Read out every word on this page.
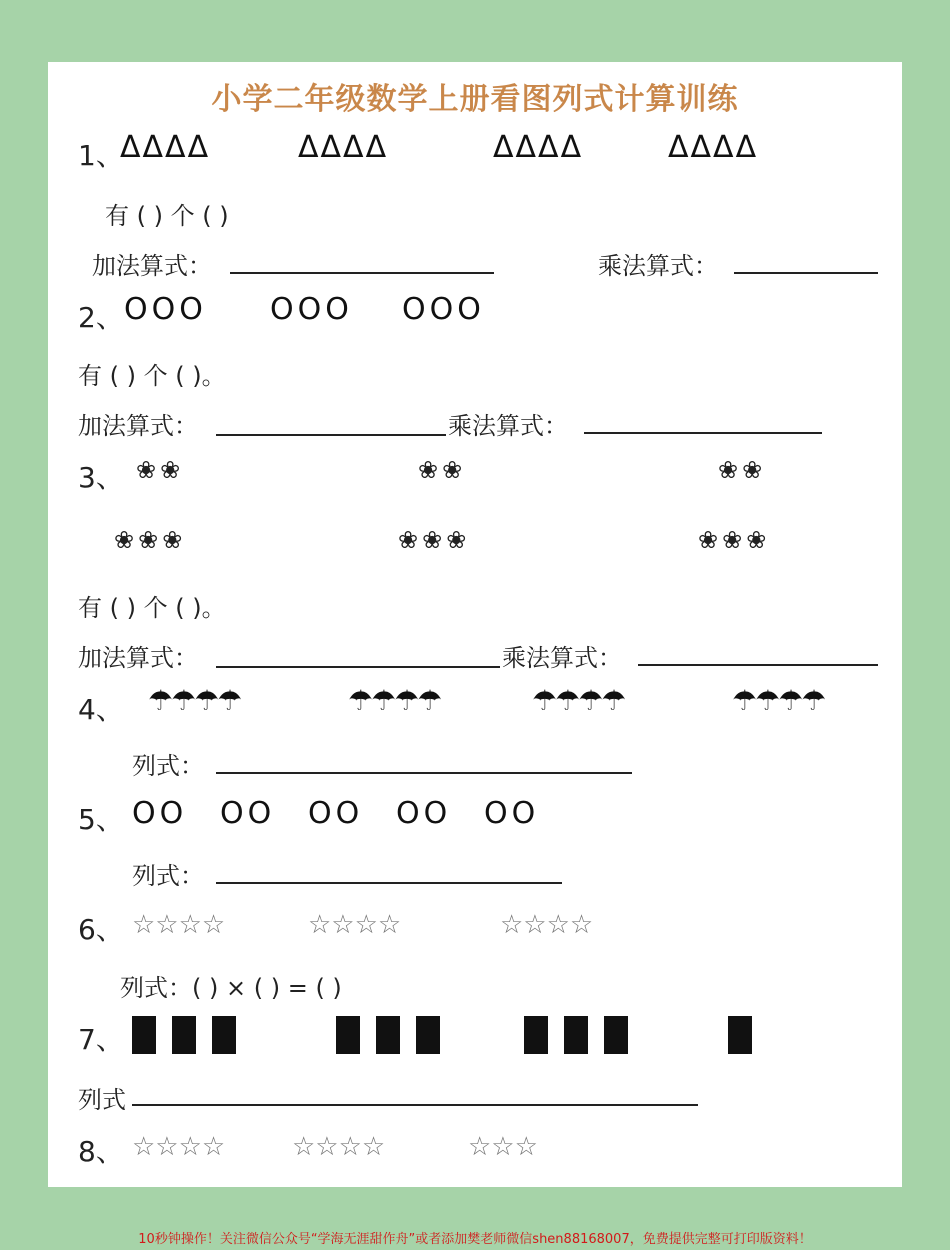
小学二年级数学上册看图列式计算训练
1、
ΔΔΔΔ	ΔΔΔΔ	ΔΔΔΔ	ΔΔΔΔ
有 ( ) 个 ( )
加法算式：	乘法算式：
2、 OOO OOO OOO
有 ( ) 个 ( )。
加法算式：	乘法算式：
3、 ❀❀	❀❀	❀❀
❀❀❀	❀❀❀	❀❀❀
有 ( ) 个 ( )。
加法算式：	乘法算式：
4、 ☂☂☂☂	☂☂☂☂	☂☂☂☂	☂☂☂☂
列式：
5、 OO OO OO OO OO
列式：
6、 ☆☆☆☆	☆☆☆☆	☆☆☆☆
列式：( ) × ( ) = ( )
7、
列式
8、 ☆☆☆☆	☆☆☆☆	☆☆☆
10秒钟操作！关注微信公众号“学海无涯甜作舟”或者添加樊老师微信shen88168007，免费提供完整可打印版资料！
